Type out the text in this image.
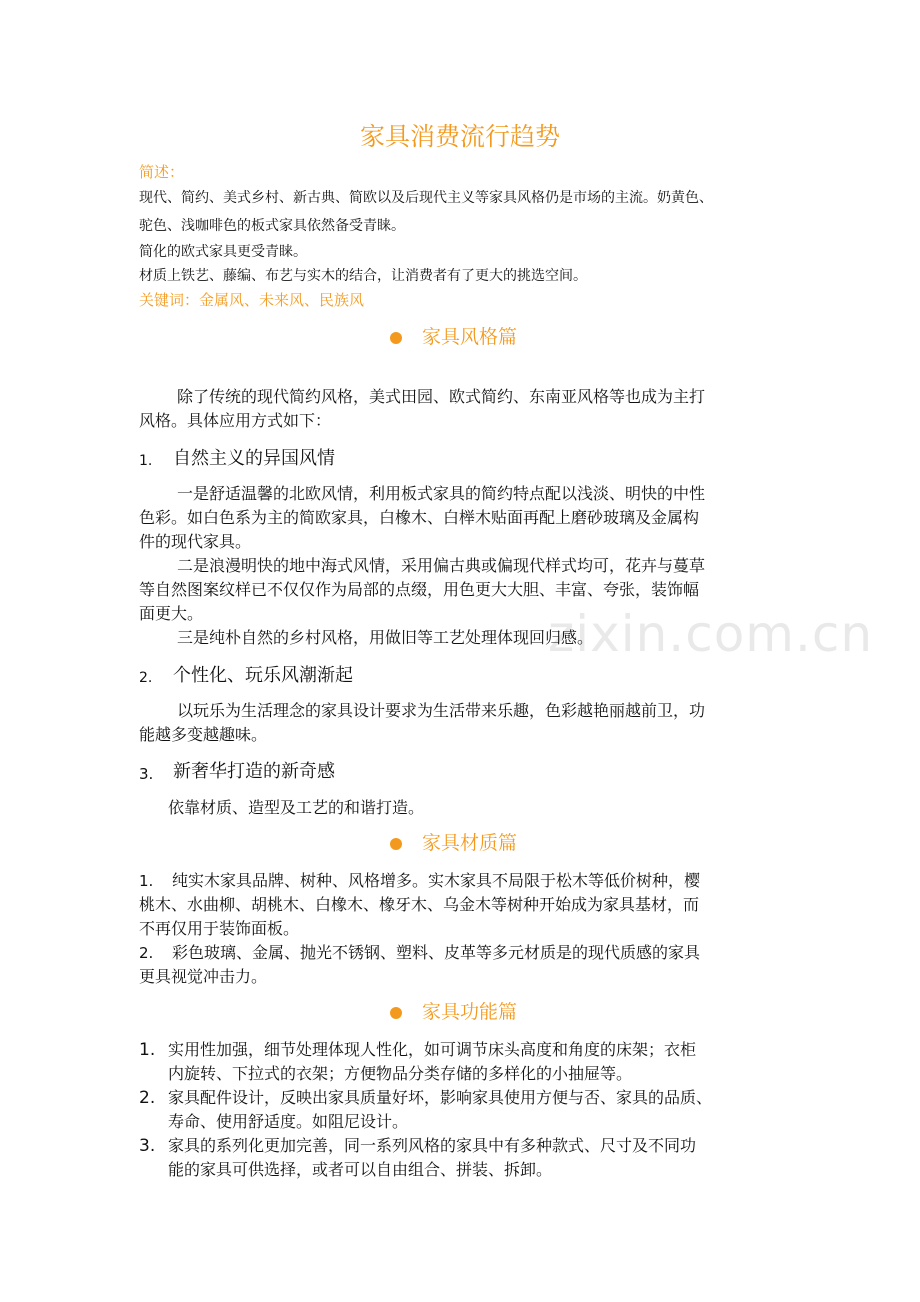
zixin.com.cn
家具消费流行趋势
简述：
现代、简约、美式乡村、新古典、简欧以及后现代主义等家具风格仍是市场的主流。奶黄色、
驼色、浅咖啡色的板式家具依然备受青睐。
简化的欧式家具更受青睐。
材质上铁艺、藤编、布艺与实木的结合，让消费者有了更大的挑选空间。
关键词：金属风、未来风、民族风
家具风格篇
除了传统的现代简约风格，美式田园、欧式简约、东南亚风格等也成为主打
风格。具体应用方式如下：
1. 自然主义的异国风情
一是舒适温馨的北欧风情，利用板式家具的简约特点配以浅淡、明快的中性
色彩。如白色系为主的简欧家具，白橡木、白榉木贴面再配上磨砂玻璃及金属构
件的现代家具。
二是浪漫明快的地中海式风情，采用偏古典或偏现代样式均可，花卉与蔓草
等自然图案纹样已不仅仅作为局部的点缀，用色更大大胆、丰富、夸张，装饰幅
面更大。
三是纯朴自然的乡村风格，用做旧等工艺处理体现回归感。
2. 个性化、玩乐风潮渐起
以玩乐为生活理念的家具设计要求为生活带来乐趣，色彩越艳丽越前卫，功
能越多变越趣味。
3. 新奢华打造的新奇感
依靠材质、造型及工艺的和谐打造。
家具材质篇
1. 纯实木家具品牌、树种、风格增多。实木家具不局限于松木等低价树种，樱
桃木、水曲柳、胡桃木、白橡木、橡牙木、乌金木等树种开始成为家具基材，而
不再仅用于装饰面板。
2. 彩色玻璃、金属、抛光不锈钢、塑料、皮革等多元材质是的现代质感的家具
更具视觉冲击力。
家具功能篇
1. 实用性加强，细节处理体现人性化，如可调节床头高度和角度的床架；衣柜
内旋转、下拉式的衣架；方便物品分类存储的多样化的小抽屉等。
2. 家具配件设计，反映出家具质量好坏，影响家具使用方便与否、家具的品质、
寿命、使用舒适度。如阻尼设计。
3. 家具的系列化更加完善，同一系列风格的家具中有多种款式、尺寸及不同功
能的家具可供选择，或者可以自由组合、拼装、拆卸。
